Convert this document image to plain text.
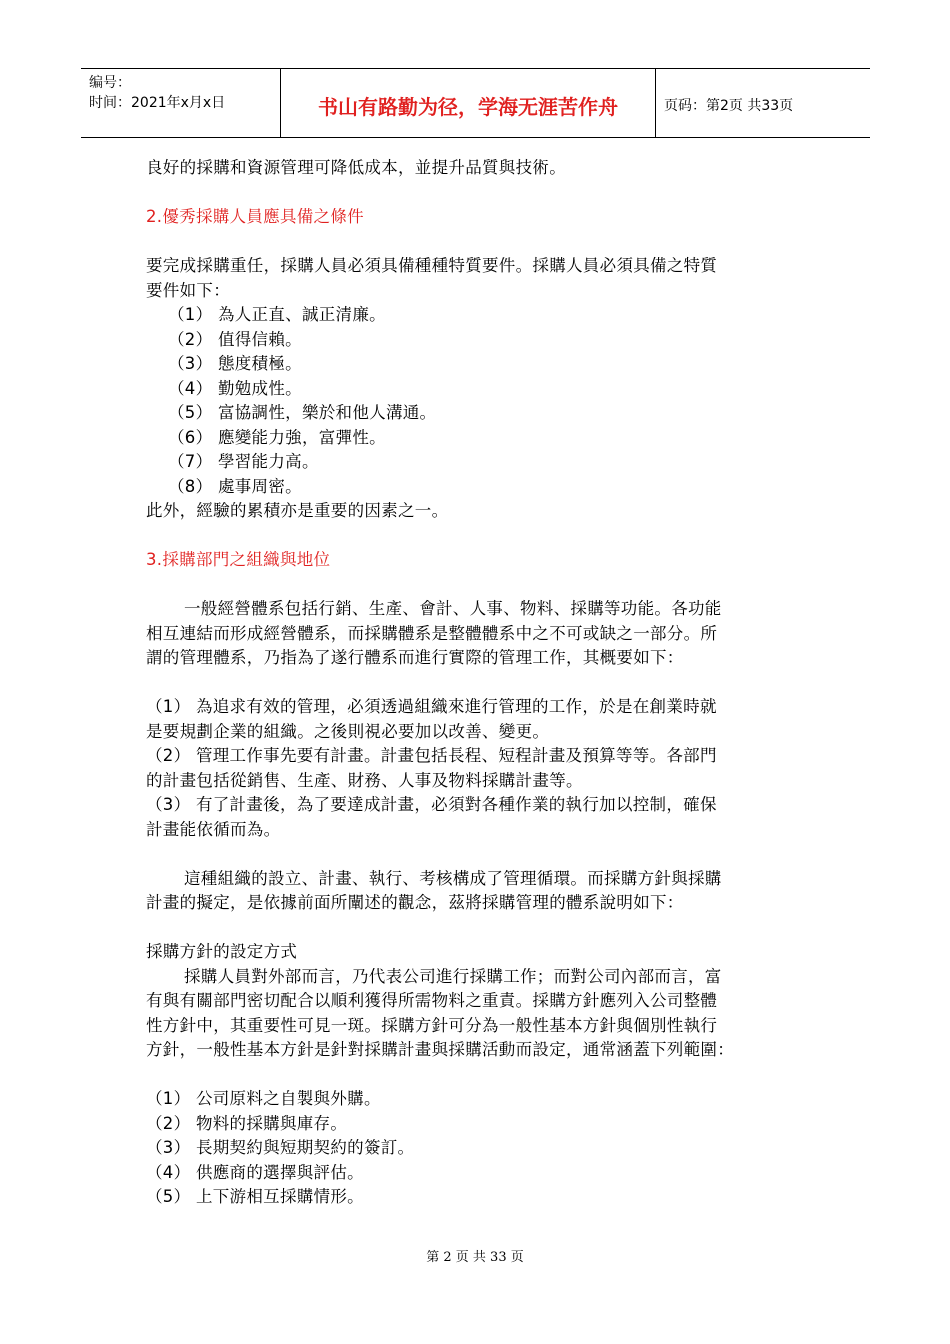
编号：
时间：2021年x月x日	书山有路勤为径，学海无涯苦作舟	页码：第2页 共33页

良好的採購和資源管理可降低成本，並提升品質與技術。

2.優秀採購人員應具備之條件

要完成採購重任，採購人員必須具備種種特質要件。採購人員必須具備之特質

要件如下：

（1） 為人正直、誠正清廉。

（2） 值得信賴。

（3） 態度積極。

（4） 勤勉成性。

（5） 富協調性，樂於和他人溝通。

（6） 應變能力強，富彈性。

（7） 學習能力高。

（8） 處事周密。

此外，經驗的累積亦是重要的因素之一。

3.採購部門之組織與地位

一般經營體系包括行銷、生產、會計、人事、物料、採購等功能。各功能

相互連結而形成經營體系，而採購體系是整體體系中之不可或缺之一部分。所

謂的管理體系，乃指為了遂行體系而進行實際的管理工作，其概要如下：

（1） 為追求有效的管理，必須透過組織來進行管理的工作，於是在創業時就

是要規劃企業的組織。之後則視必要加以改善、變更。

（2） 管理工作事先要有計畫。計畫包括長程、短程計畫及預算等等。各部門

的計畫包括從銷售、生產、財務、人事及物料採購計畫等。

（3） 有了計畫後，為了要達成計畫，必須對各種作業的執行加以控制，確保

計畫能依循而為。

這種組織的設立、計畫、執行、考核構成了管理循環。而採購方針與採購

計畫的擬定，是依據前面所闡述的觀念，茲將採購管理的體系說明如下：

採購方針的設定方式

採購人員對外部而言，乃代表公司進行採購工作；而對公司內部而言，富

有與有關部門密切配合以順利獲得所需物料之重責。採購方針應列入公司整體

性方針中，其重要性可見一斑。採購方針可分為一般性基本方針與個別性執行

方針，一般性基本方針是針對採購計畫與採購活動而設定，通常涵蓋下列範圍：

（1） 公司原料之自製與外購。

（2） 物料的採購與庫存。

（3） 長期契約與短期契約的簽訂。

（4） 供應商的選擇與評估。

（5） 上下游相互採購情形。

第 2 页 共 33 页
